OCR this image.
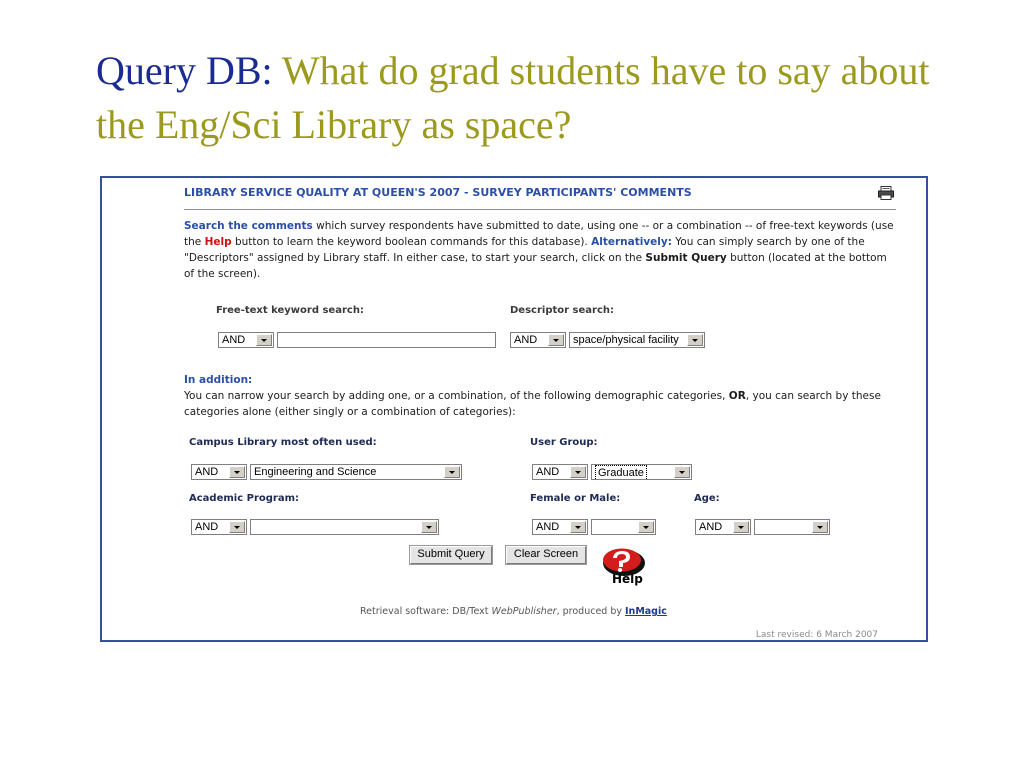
Query DB: What do grad students have to say about the Eng/Sci Library as space?
LIBRARY SERVICE QUALITY AT QUEEN'S 2007 - SURVEY PARTICIPANTS' COMMENTS
Search the comments which survey respondents have submitted to date, using one -- or a combination -- of free-text keywords (use the Help button to learn the keyword boolean commands for this database). Alternatively: You can simply search by one of the "Descriptors" assigned by Library staff. In either case, to start your search, click on the Submit Query button (located at the bottom of the screen).
Free-text keyword search:
AND
Descriptor search:
AND	space/physical facility
In addition:
You can narrow your search by adding one, or a combination, of the following demographic categories, OR, you can search by these categories alone (either singly or a combination of categories):
Campus Library most often used:
AND	Engineering and Science
User Group:
AND	Graduate
Academic Program:
AND
Female or Male:
AND
Age:
AND
Submit Query	Clear Screen
Help
Retrieval software: DB/Text WebPublisher, produced by InMagic
Last revised: 6 March 2007
